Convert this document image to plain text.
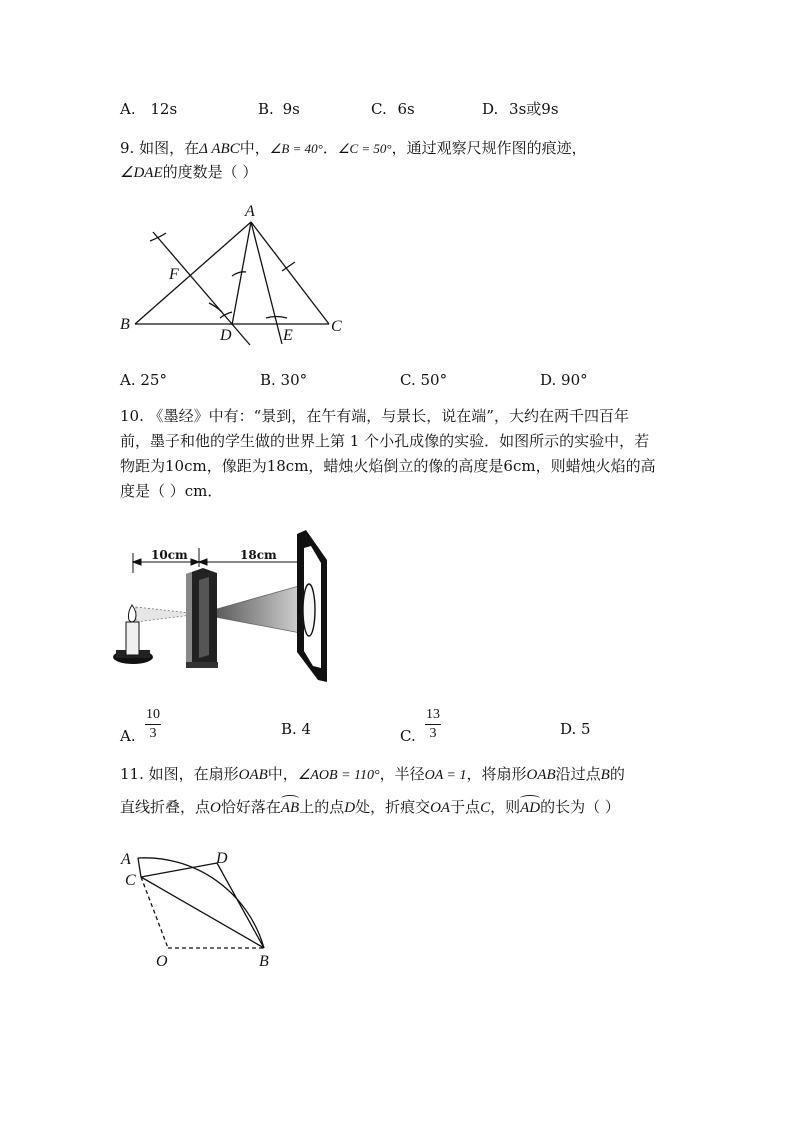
A. 12s	B. 9s	C. 6s	D. 3s或9s
9. 如图，在Δ ABC中，∠B = 40°．∠C = 50°，通过观察尺规作图的痕迹，
∠DAE的度数是（ ）
A
B	C
D	E
F
A. 25°	B. 30°	C. 50°	D. 90°
10. 《墨经》中有：“景到，在午有端，与景长，说在端”，大约在两千四百年
前，墨子和他的学生做的世界上第 1 个小孔成像的实验．如图所示的实验中，若
物距为10cm，像距为18cm，蜡烛火焰倒立的像的高度是6cm，则蜡烛火焰的高
度是（ ）cm．
10cm	18cm
A.
10
3	B. 4	C.
13
3	D. 5
11. 如图，在扇形OAB中，∠AOB = 110°，半径OA = 1，将扇形OAB沿过点B的
直线折叠，点O恰好落在
AB上的点D处，折痕交OA于点C，则
AD的长为（ ）
A
C
D
O	B
